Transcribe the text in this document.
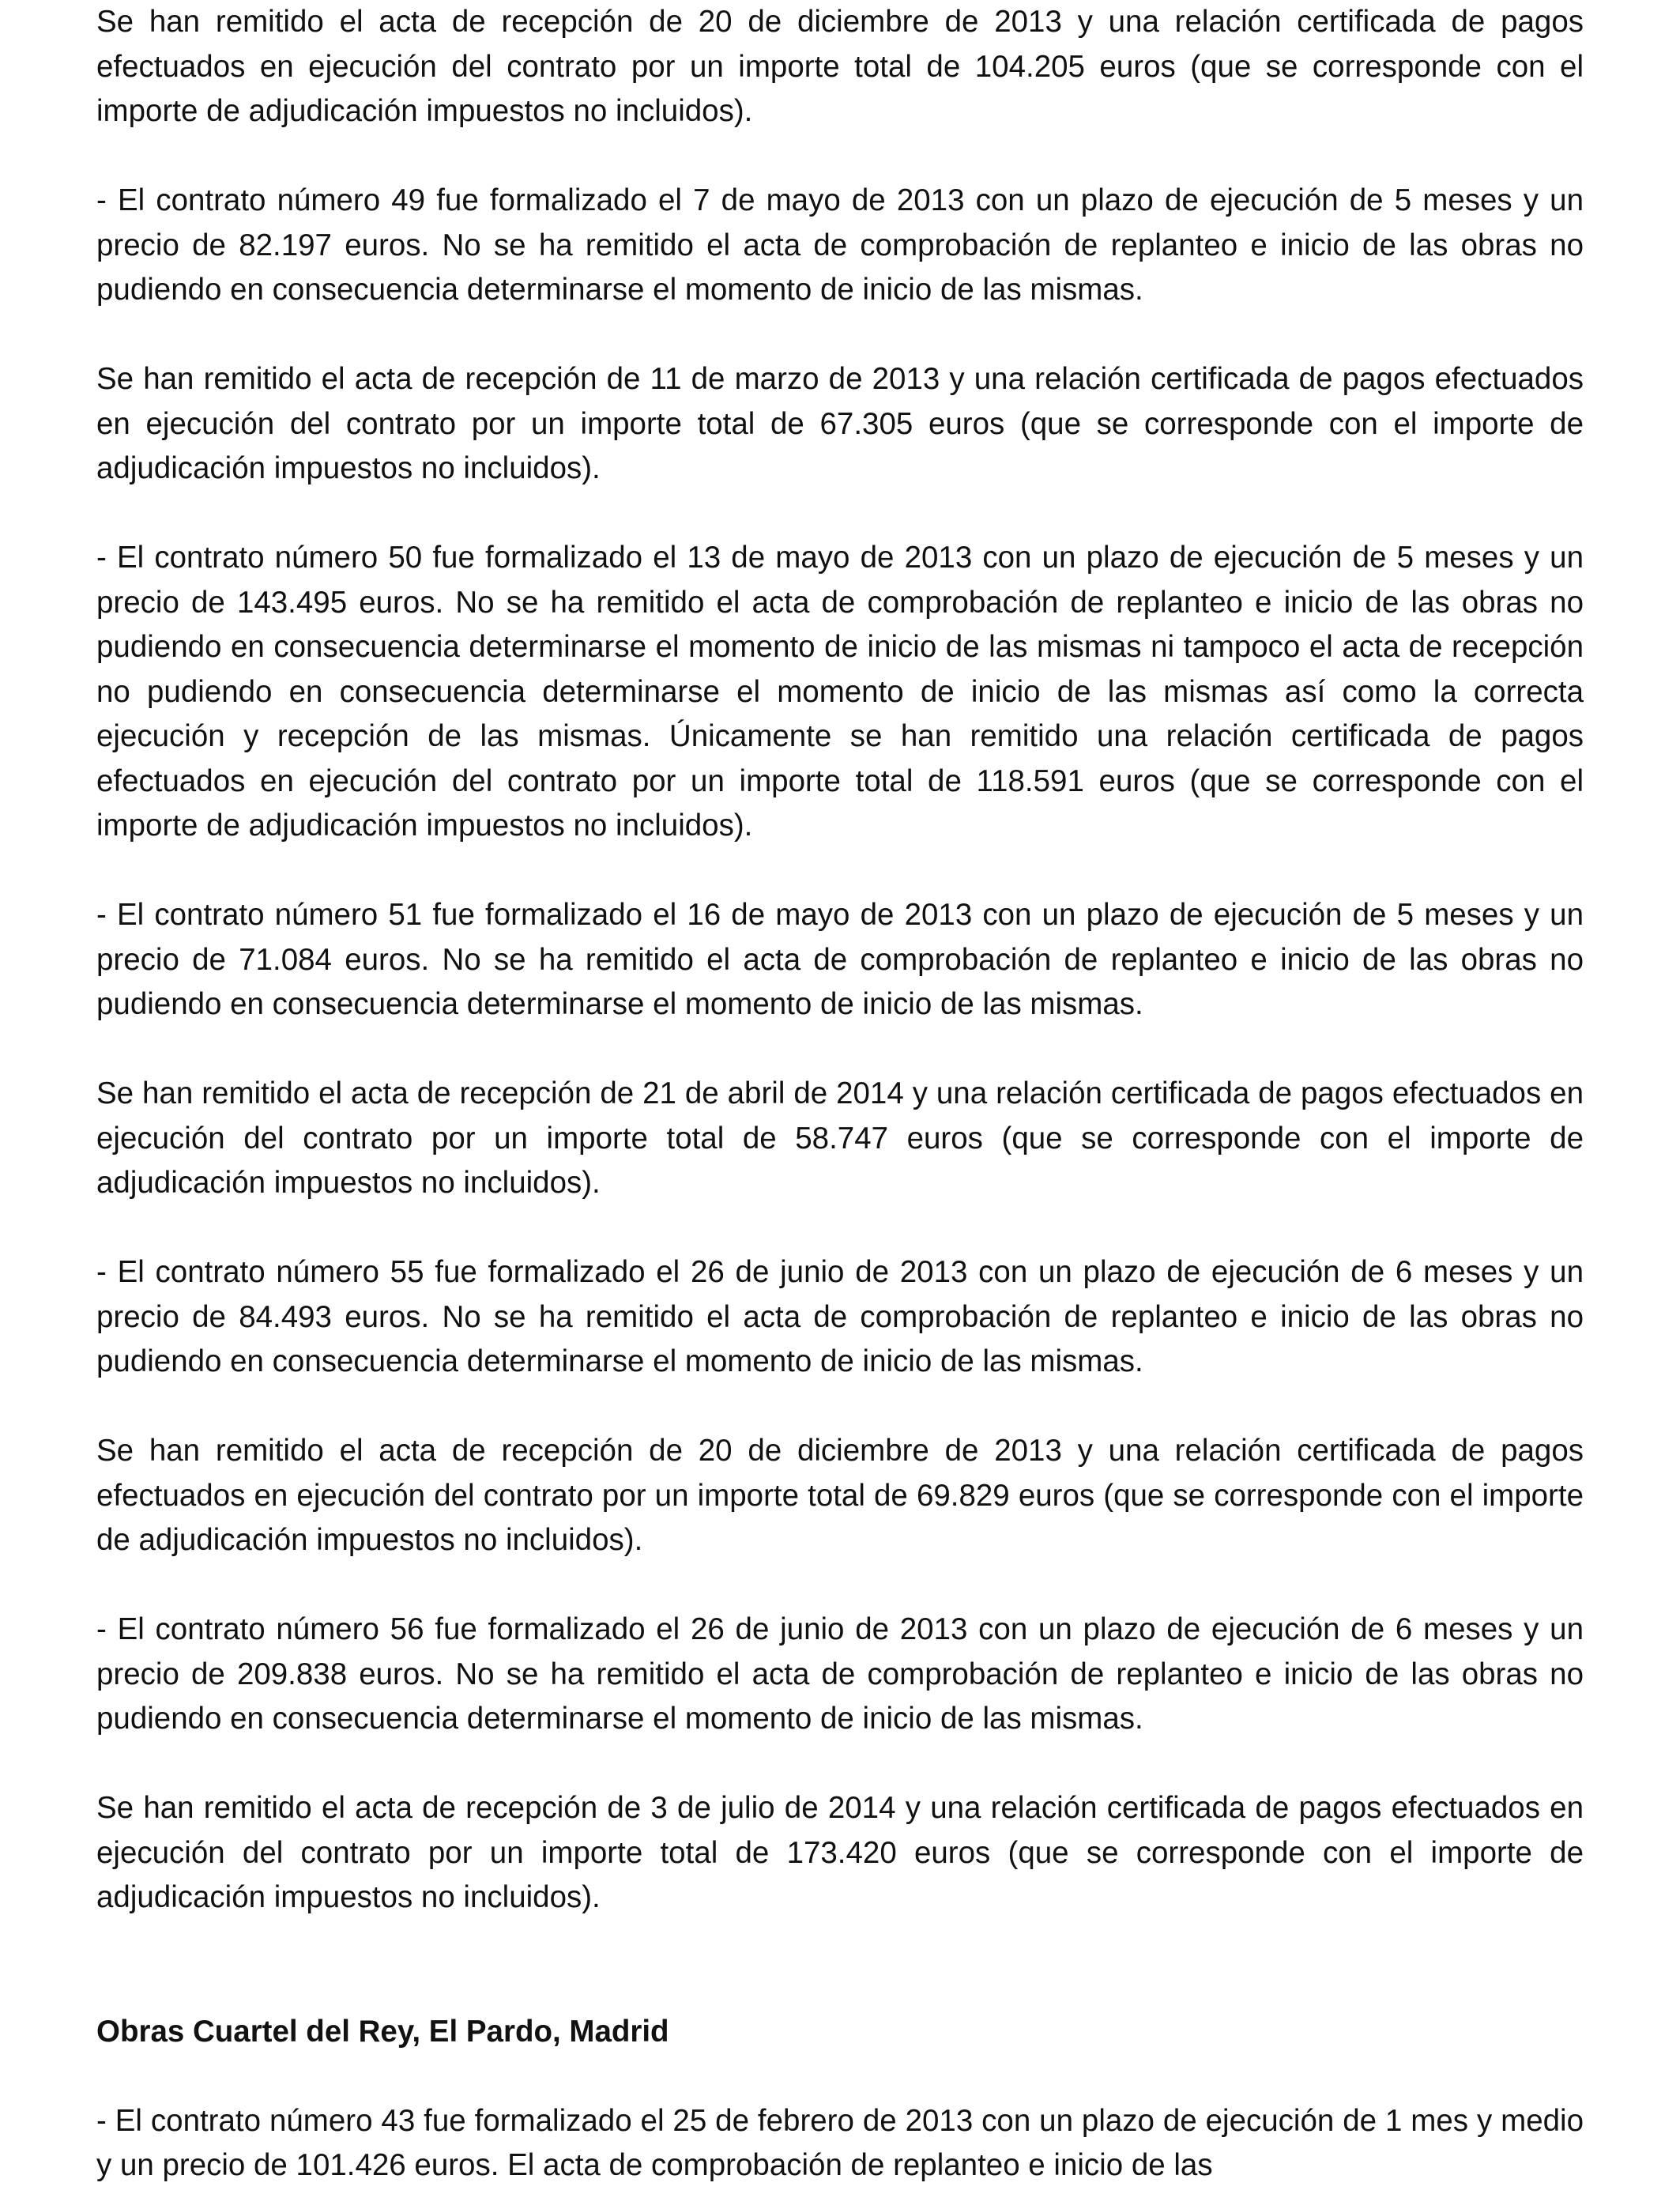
Se han remitido el acta de recepción de 20 de diciembre de 2013 y una relación certificada de pagos efectuados en ejecución del contrato por un importe total de 104.205 euros (que se corresponde con el importe de adjudicación impuestos no incluidos).

- El contrato número 49 fue formalizado el 7 de mayo de 2013 con un plazo de ejecución de 5 meses y un precio de 82.197 euros. No se ha remitido el acta de comprobación de replanteo e inicio de las obras no pudiendo en consecuencia determinarse el momento de inicio de las mismas.

Se han remitido el acta de recepción de 11 de marzo de 2013 y una relación certificada de pagos efectuados en ejecución del contrato por un importe total de 67.305 euros (que se corresponde con el importe de adjudicación impuestos no incluidos).

- El contrato número 50 fue formalizado el 13 de mayo de 2013 con un plazo de ejecución de 5 meses y un precio de 143.495 euros. No se ha remitido el acta de comprobación de replanteo e inicio de las obras no pudiendo en consecuencia determinarse el momento de inicio de las mismas ni tampoco el acta de recepción no pudiendo en consecuencia determinarse el momento de inicio de las mismas así como la correcta ejecución y recepción de las mismas. Únicamente se han remitido una relación certificada de pagos efectuados en ejecución del contrato por un importe total de 118.591 euros (que se corresponde con el importe de adjudicación impuestos no incluidos).

- El contrato número 51 fue formalizado el 16 de mayo de 2013 con un plazo de ejecución de 5 meses y un precio de 71.084 euros. No se ha remitido el acta de comprobación de replanteo e inicio de las obras no pudiendo en consecuencia determinarse el momento de inicio de las mismas.

Se han remitido el acta de recepción de 21 de abril de 2014 y una relación certificada de pagos efectuados en ejecución del contrato por un importe total de 58.747 euros (que se corresponde con el importe de adjudicación impuestos no incluidos).

- El contrato número 55 fue formalizado el 26 de junio de 2013 con un plazo de ejecución de 6 meses y un precio de 84.493 euros. No se ha remitido el acta de comprobación de replanteo e inicio de las obras no pudiendo en consecuencia determinarse el momento de inicio de las mismas.

Se han remitido el acta de recepción de 20 de diciembre de 2013 y una relación certificada de pagos efectuados en ejecución del contrato por un importe total de 69.829 euros (que se corresponde con el importe de adjudicación impuestos no incluidos).

- El contrato número 56 fue formalizado el 26 de junio de 2013 con un plazo de ejecución de 6 meses y un precio de 209.838 euros. No se ha remitido el acta de comprobación de replanteo e inicio de las obras no pudiendo en consecuencia determinarse el momento de inicio de las mismas.

Se han remitido el acta de recepción de 3 de julio de 2014 y una relación certificada de pagos efectuados en ejecución del contrato por un importe total de 173.420 euros (que se corresponde con el importe de adjudicación impuestos no incluidos).

Obras Cuartel del Rey, El Pardo, Madrid

- El contrato número 43 fue formalizado el 25 de febrero de 2013 con un plazo de ejecución de 1 mes y medio y un precio de 101.426 euros. El acta de comprobación de replanteo e inicio de las
